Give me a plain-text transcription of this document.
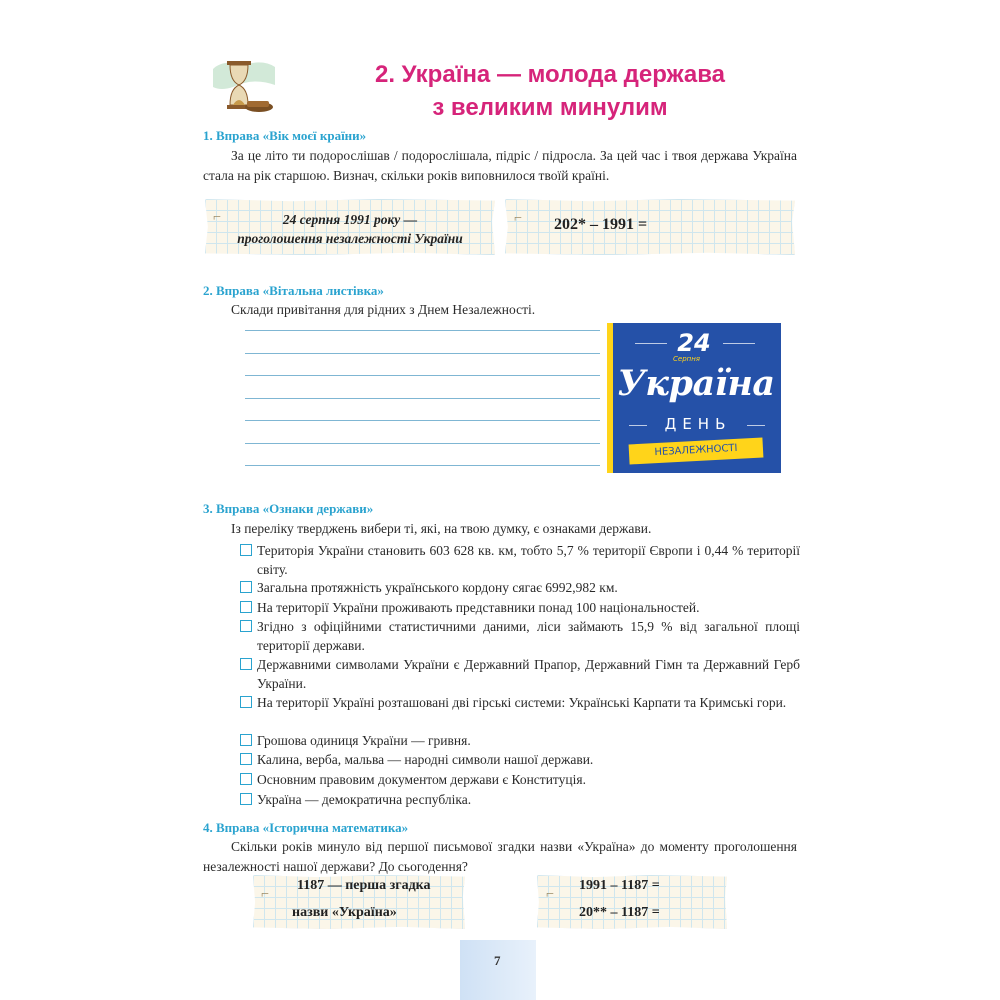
2. Україна — молода держава
з великим минулим
1. Вправа «Вік моєї країни»
За це літо ти подорослішав / подорослішала, підріс / підросла. За цей час і твоя держава Україна стала на рік старшою. Визнач, скільки років виповнилося твоїй країні.
⌐	24 серпня 1991 року —
проголошення незалежності України
⌐ 202* – 1991 =
2. Вправа «Вітальна листівка»
Склади привітання для рідних з Днем Незалежності.
24
Серпня
Україна
ДЕНЬ
НЕЗАЛЕЖНОСТІ
3. Вправа «Ознаки держави»
Із переліку тверджень вибери ті, які, на твою думку, є ознаками держави.
Територія України становить 603 628 кв. км, тобто 5,7 % території Європи і 0,44 % території світу.
Загальна протяжність українського кордону сягає 6992,982 км.
На території України проживають представники понад 100 національностей.
Згідно з офіційними статистичними даними, ліси займають 15,9 % від загальної площі території держави.
Державними символами України є Державний Прапор, Державний Гімн та Державний Герб України.
На території Україні розташовані дві гірські системи: Українські Карпати та Кримські гори.
Грошова одиниця України — гривня.
Калина, верба, мальва — народні символи нашої держави.
Основним правовим документом держави є Конституція.
Україна — демократична республіка.
4. Вправа «Історична математика»
Скільки років минуло від першої письмової згадки назви «Україна» до моменту проголошення незалежності нашої держави? До сьогодення?
⌐
1187 — перша згадка
назви «Україна»
⌐
1991 – 1187 =
20** – 1187 =
7
